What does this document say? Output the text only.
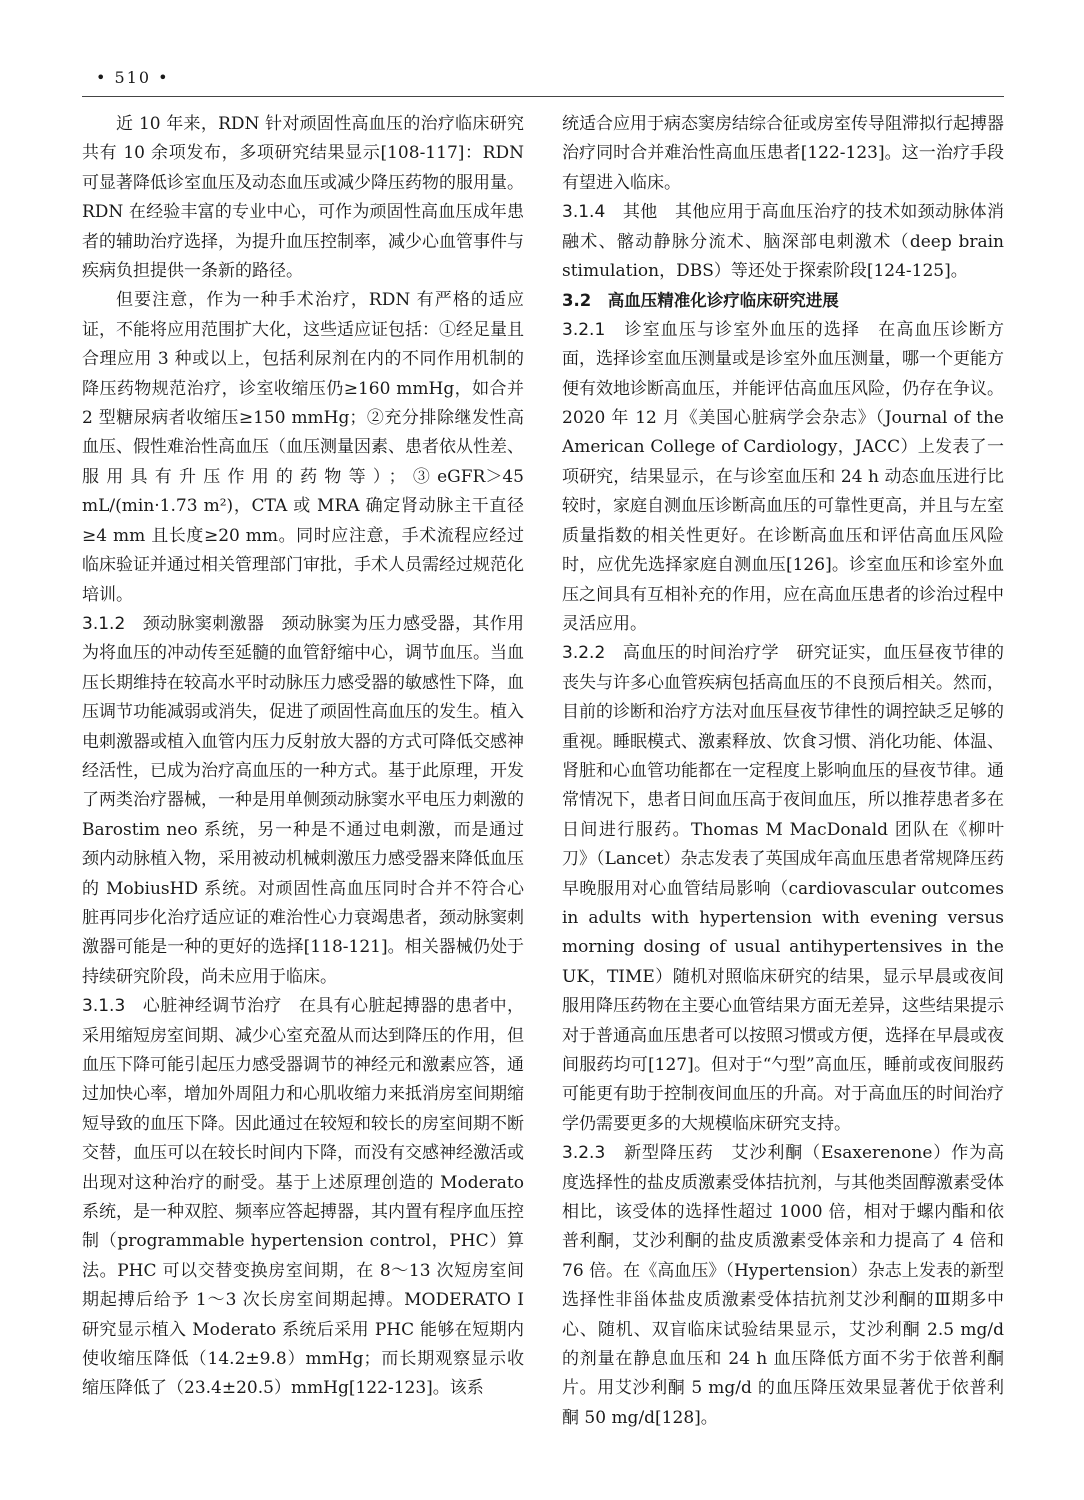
• 510 •

近 10 年来，RDN 针对顽固性高血压的治疗临床研究共有 10 余项发布，多项研究结果显示[108-117]：RDN 可显著降低诊室血压及动态血压或减少降压药物的服用量。RDN 在经验丰富的专业中心，可作为顽固性高血压成年患者的辅助治疗选择，为提升血压控制率，减少心血管事件与疾病负担提供一条新的路径。

但要注意，作为一种手术治疗，RDN 有严格的适应证，不能将应用范围扩大化，这些适应证包括：①经足量且合理应用 3 种或以上，包括利尿剂在内的不同作用机制的降压药物规范治疗，诊室收缩压仍≥160 mmHg，如合并 2 型糖尿病者收缩压≥150 mmHg；②充分排除继发性高血压、假性难治性高血压（血压测量因素、患者依从性差、服用具有升压作用的药物等）；③eGFR＞45 mL/(min·1.73 m²)，CTA 或 MRA 确定肾动脉主干直径≥4 mm 且长度≥20 mm。同时应注意，手术流程应经过临床验证并通过相关管理部门审批，手术人员需经过规范化培训。

3.1.2　颈动脉窦刺激器　 颈动脉窦为压力感受器，其作用为将血压的冲动传至延髓的血管舒缩中心，调节血压。当血压长期维持在较高水平时动脉压力感受器的敏感性下降，血压调节功能减弱或消失，促进了顽固性高血压的发生。植入电刺激器或植入血管内压力反射放大器的方式可降低交感神经活性，已成为治疗高血压的一种方式。基于此原理，开发了两类治疗器械，一种是用单侧颈动脉窦水平电压力刺激的 Barostim neo 系统，另一种是不通过电刺激，而是通过颈内动脉植入物，采用被动机械刺激压力感受器来降低血压的 MobiusHD 系统。对顽固性高血压同时合并不符合心脏再同步化治疗适应证的难治性心力衰竭患者，颈动脉窦刺激器可能是一种的更好的选择[118-121]。相关器械仍处于持续研究阶段，尚未应用于临床。

3.1.3　心脏神经调节治疗　 在具有心脏起搏器的患者中，采用缩短房室间期、减少心室充盈从而达到降压的作用，但血压下降可能引起压力感受器调节的神经元和激素应答，通过加快心率，增加外周阻力和心肌收缩力来抵消房室间期缩短导致的血压下降。因此通过在较短和较长的房室间期不断交替，血压可以在较长时间内下降，而没有交感神经激活或出现对这种治疗的耐受。基于上述原理创造的 Moderato 系统，是一种双腔、频率应答起搏器，其内置有程序血压控制（programmable hypertension control，PHC）算法。PHC 可以交替变换房室间期，在 8～13 次短房室间期起搏后给予 1～3 次长房室间期起搏。MODERATO I 研究显示植入 Moderato 系统后采用 PHC 能够在短期内使收缩压降低（14.2±9.8）mmHg；而长期观察显示收缩压降低了（23.4±20.5）mmHg[122-123]。该系

统适合应用于病态窦房结综合征或房室传导阻滞拟行起搏器治疗同时合并难治性高血压患者[122-123]。这一治疗手段有望进入临床。

3.1.4　其他　 其他应用于高血压治疗的技术如颈动脉体消融术、髂动静脉分流术、脑深部电刺激术（deep brain stimulation，DBS）等还处于探索阶段[124-125]。

3.2　高血压精准化诊疗临床研究进展

3.2.1　诊室血压与诊室外血压的选择　 在高血压诊断方面，选择诊室血压测量或是诊室外血压测量，哪一个更能方便有效地诊断高血压，并能评估高血压风险，仍存在争议。2020 年 12 月《美国心脏病学会杂志》（Journal of the American College of Cardiology，JACC）上发表了一项研究，结果显示，在与诊室血压和 24 h 动态血压进行比较时，家庭自测血压诊断高血压的可靠性更高，并且与左室质量指数的相关性更好。在诊断高血压和评估高血压风险时，应优先选择家庭自测血压[126]。诊室血压和诊室外血压之间具有互相补充的作用，应在高血压患者的诊治过程中灵活应用。

3.2.2　高血压的时间治疗学　 研究证实，血压昼夜节律的丧失与许多心血管疾病包括高血压的不良预后相关。然而，目前的诊断和治疗方法对血压昼夜节律性的调控缺乏足够的重视。睡眠模式、激素释放、饮食习惯、消化功能、体温、肾脏和心血管功能都在一定程度上影响血压的昼夜节律。通常情况下，患者日间血压高于夜间血压，所以推荐患者多在日间进行服药。Thomas M MacDonald 团队在《柳叶刀》（Lancet）杂志发表了英国成年高血压患者常规降压药早晚服用对心血管结局影响（cardiovascular outcomes in adults with hypertension with evening versus morning dosing of usual antihypertensives in the UK，TIME）随机对照临床研究的结果，显示早晨或夜间服用降压药物在主要心血管结果方面无差异，这些结果提示对于普通高血压患者可以按照习惯或方便，选择在早晨或夜间服药均可[127]。但对于“勺型”高血压，睡前或夜间服药可能更有助于控制夜间血压的升高。对于高血压的时间治疗学仍需要更多的大规模临床研究支持。

3.2.3　新型降压药　 艾沙利酮（Esaxerenone）作为高度选择性的盐皮质激素受体拮抗剂，与其他类固醇激素受体相比，该受体的选择性超过 1000 倍，相对于螺内酯和依普利酮，艾沙利酮的盐皮质激素受体亲和力提高了 4 倍和 76 倍。在《高血压》（Hypertension）杂志上发表的新型选择性非甾体盐皮质激素受体拮抗剂艾沙利酮的Ⅲ期多中心、随机、双盲临床试验结果显示，艾沙利酮 2.5 mg/d 的剂量在静息血压和 24 h 血压降低方面不劣于依普利酮片。用艾沙利酮 5 mg/d 的血压降压效果显著优于依普利酮 50 mg/d[128]。
